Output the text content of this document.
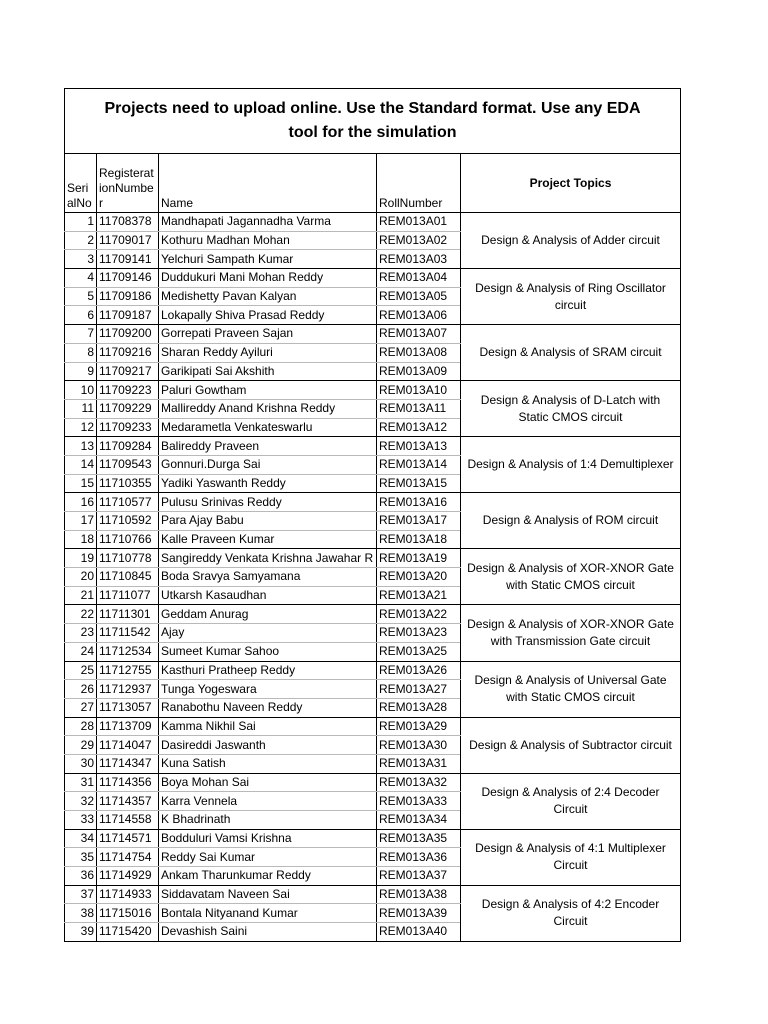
Projects need to upload online. Use the Standard format. Use any EDA
tool for the simulation				

SerialNo	RegisterationNumber	Name	RollNumber	Project Topics
1	11708378	Mandhapati Jagannadha Varma	REM013A01	Design & Analysis of Adder circuit
2	11709017	Kothuru Madhan Mohan	REM013A02	
3	11709141	Yelchuri Sampath Kumar	REM013A03	
4	11709146	Duddukuri Mani Mohan Reddy	REM013A04	Design & Analysis of Ring Oscillator circuit
5	11709186	Medishetty Pavan Kalyan	REM013A05	
6	11709187	Lokapally Shiva Prasad Reddy	REM013A06	
7	11709200	Gorrepati Praveen Sajan	REM013A07	Design & Analysis of SRAM circuit
8	11709216	Sharan Reddy Ayiluri	REM013A08	
9	11709217	Garikipati Sai Akshith	REM013A09	
10	11709223	Paluri Gowtham	REM013A10	Design & Analysis of D-Latch with Static CMOS circuit
11	11709229	Mallireddy Anand Krishna Reddy	REM013A11	
12	11709233	Medarametla Venkateswarlu	REM013A12	
13	11709284	Balireddy Praveen	REM013A13	Design & Analysis of 1:4 Demultiplexer
14	11709543	Gonnuri.Durga Sai	REM013A14	
15	11710355	Yadiki Yaswanth Reddy	REM013A15	
16	11710577	Pulusu Srinivas Reddy	REM013A16	Design & Analysis of ROM circuit
17	11710592	Para Ajay Babu	REM013A17	
18	11710766	Kalle Praveen Kumar	REM013A18	
19	11710778	Sangireddy Venkata Krishna Jawahar R	REM013A19	Design & Analysis of XOR-XNOR Gate with Static CMOS circuit
20	11710845	Boda Sravya Samyamana	REM013A20	
21	11711077	Utkarsh Kasaudhan	REM013A21	
22	11711301	Geddam Anurag	REM013A22	Design & Analysis of XOR-XNOR Gate with Transmission Gate circuit
23	11711542	Ajay	REM013A23	
24	11712534	Sumeet Kumar Sahoo	REM013A25	
25	11712755	Kasthuri Pratheep Reddy	REM013A26	Design & Analysis of Universal Gate with Static CMOS circuit
26	11712937	Tunga Yogeswara	REM013A27	
27	11713057	Ranabothu Naveen Reddy	REM013A28	
28	11713709	Kamma Nikhil Sai	REM013A29	Design & Analysis of Subtractor circuit
29	11714047	Dasireddi Jaswanth	REM013A30	
30	11714347	Kuna Satish	REM013A31	
31	11714356	Boya Mohan Sai	REM013A32	Design & Analysis of 2:4 Decoder Circuit
32	11714357	Karra Vennela	REM013A33	
33	11714558	K Bhadrinath	REM013A34	
34	11714571	Bodduluri Vamsi Krishna	REM013A35	Design & Analysis of 4:1 Multiplexer Circuit
35	11714754	Reddy Sai Kumar	REM013A36	
36	11714929	Ankam Tharunkumar Reddy	REM013A37	
37	11714933	Siddavatam Naveen Sai	REM013A38	Design & Analysis of 4:2 Encoder Circuit
38	11715016	Bontala Nityanand Kumar	REM013A39	
39	11715420	Devashish Saini	REM013A40	
